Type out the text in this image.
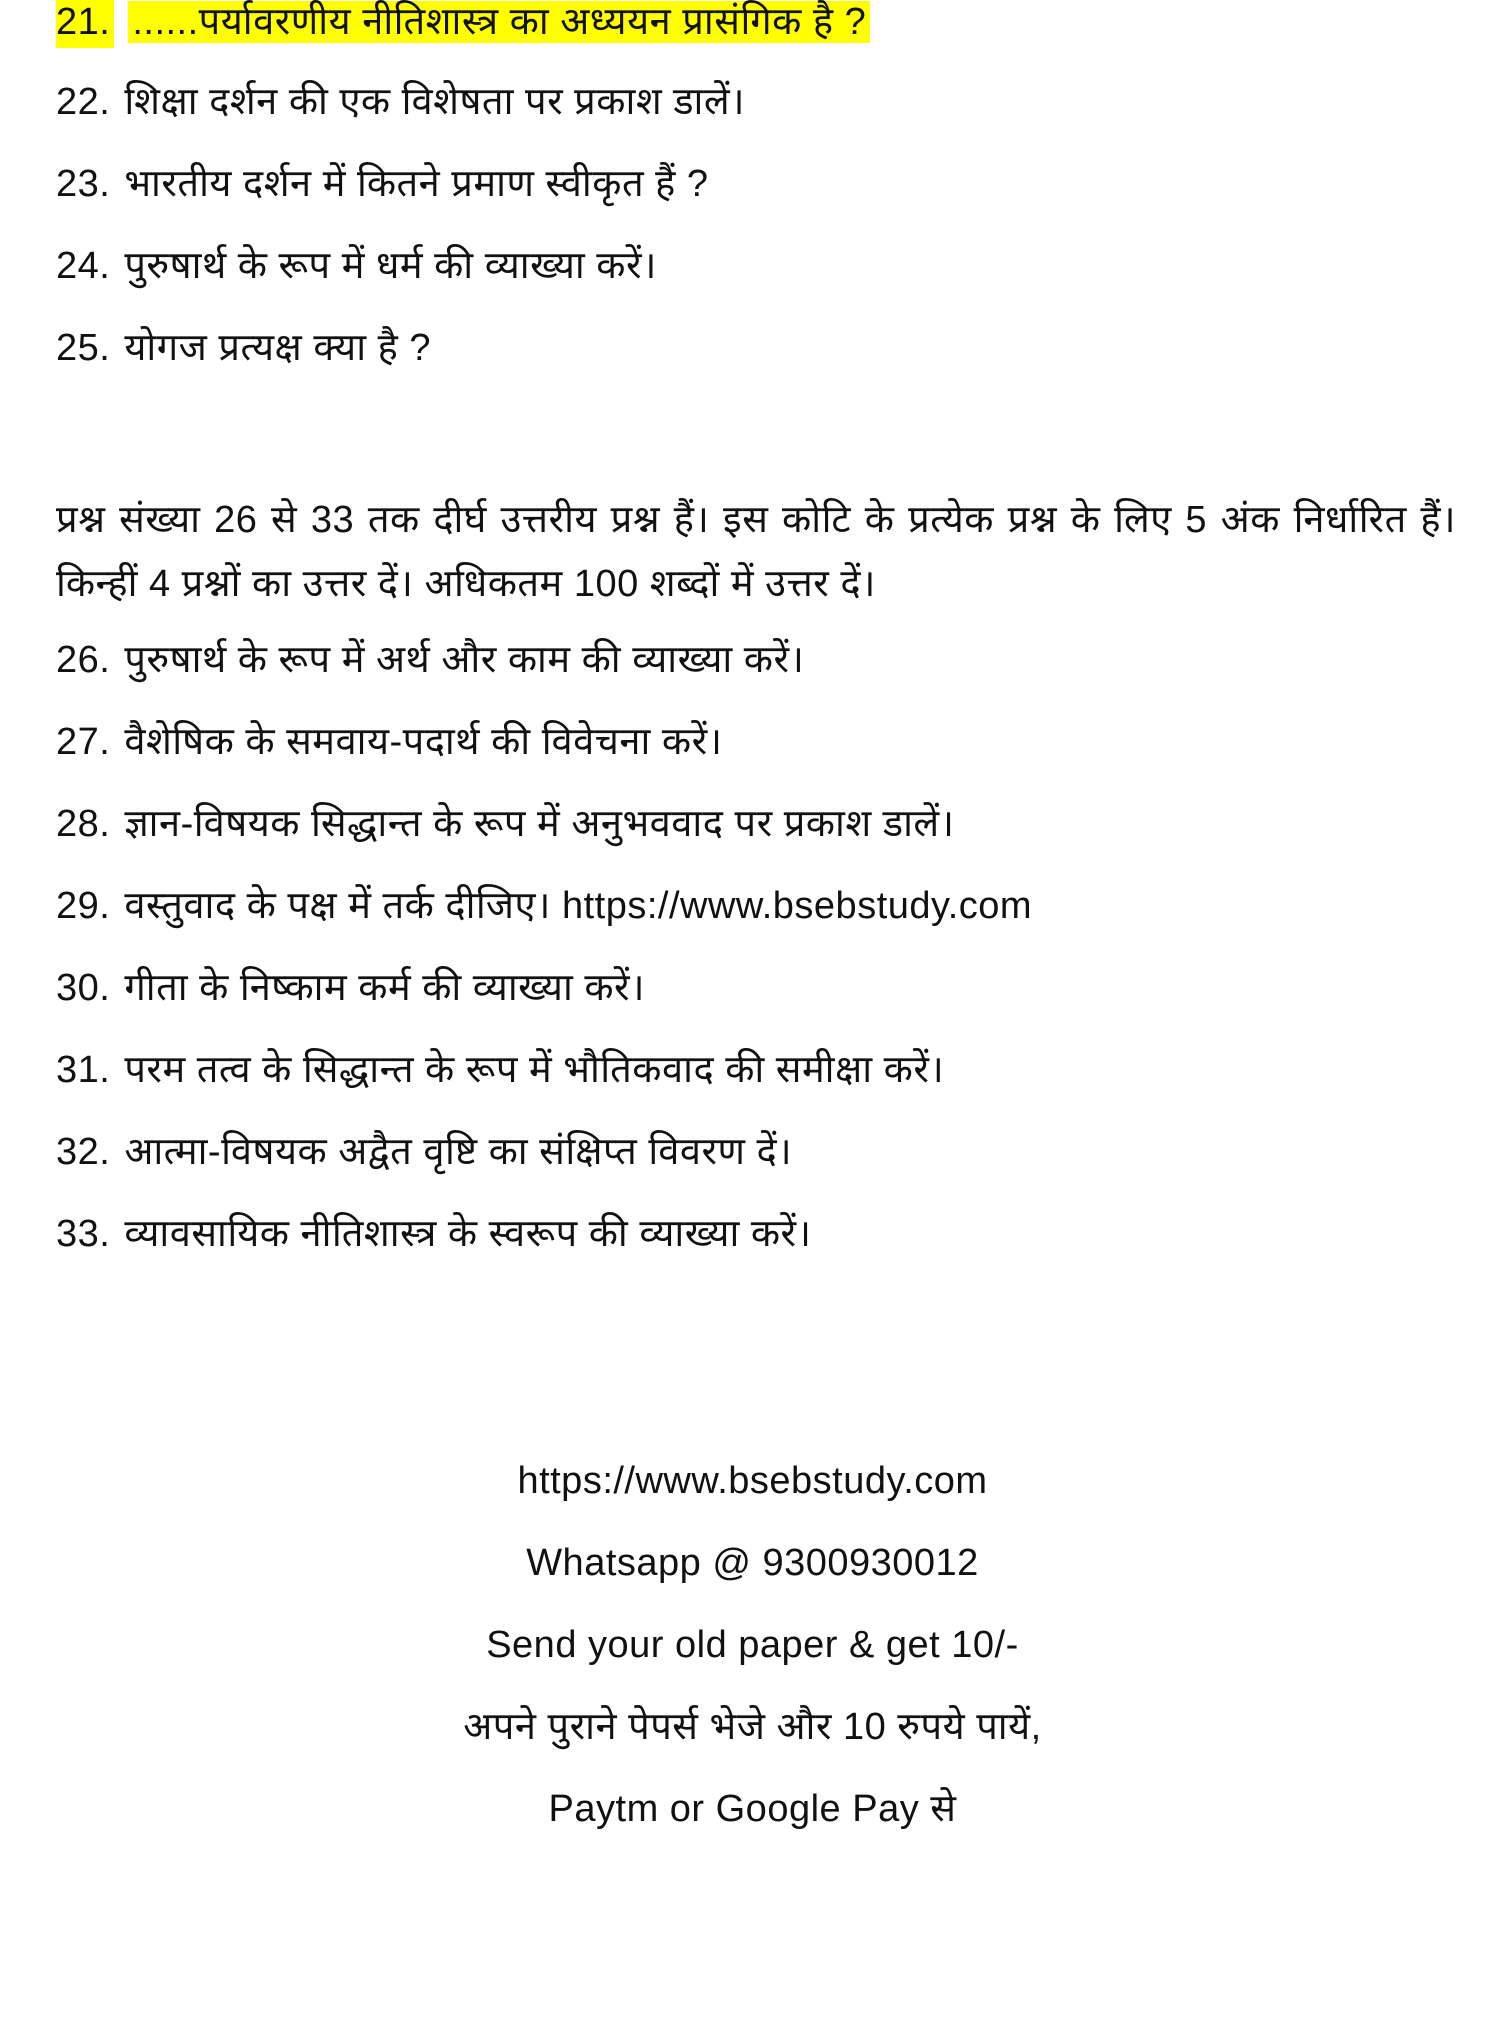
21. ......पर्यावरणीय नीतिशास्त्र का अध्ययन प्रासंगिक है ?
22. शिक्षा दर्शन की एक विशेषता पर प्रकाश डालें।
23. भारतीय दर्शन में कितने प्रमाण स्वीकृत हैं ?
24. पुरुषार्थ के रूप में धर्म की व्याख्या करें।
25. योगज प्रत्यक्ष क्या है ?
प्रश्न संख्या 26 से 33 तक दीर्घ उत्तरीय प्रश्न हैं। इस कोटि के प्रत्येक प्रश्न के लिए 5 अंक निर्धारित हैं। किन्हीं 4 प्रश्नों का उत्तर दें। अधिकतम 100 शब्दों में उत्तर दें।
26. पुरुषार्थ के रूप में अर्थ और काम की व्याख्या करें।
27. वैशेषिक के समवाय-पदार्थ की विवेचना करें।
28. ज्ञान-विषयक सिद्धान्त के रूप में अनुभववाद पर प्रकाश डालें।
29. वस्तुवाद के पक्ष में तर्क दीजिए। https://www.bsebstudy.com
30. गीता के निष्काम कर्म की व्याख्या करें।
31. परम तत्व के सिद्धान्त के रूप में भौतिकवाद की समीक्षा करें।
32. आत्मा-विषयक अद्वैत वृष्टि का संक्षिप्त विवरण दें।
33. व्यावसायिक नीतिशास्त्र के स्वरूप की व्याख्या करें।
https://www.bsebstudy.com
Whatsapp @ 9300930012
Send your old paper & get 10/-
अपने पुराने पेपर्स भेजे और 10 रुपये पायें,
Paytm or Google Pay से
